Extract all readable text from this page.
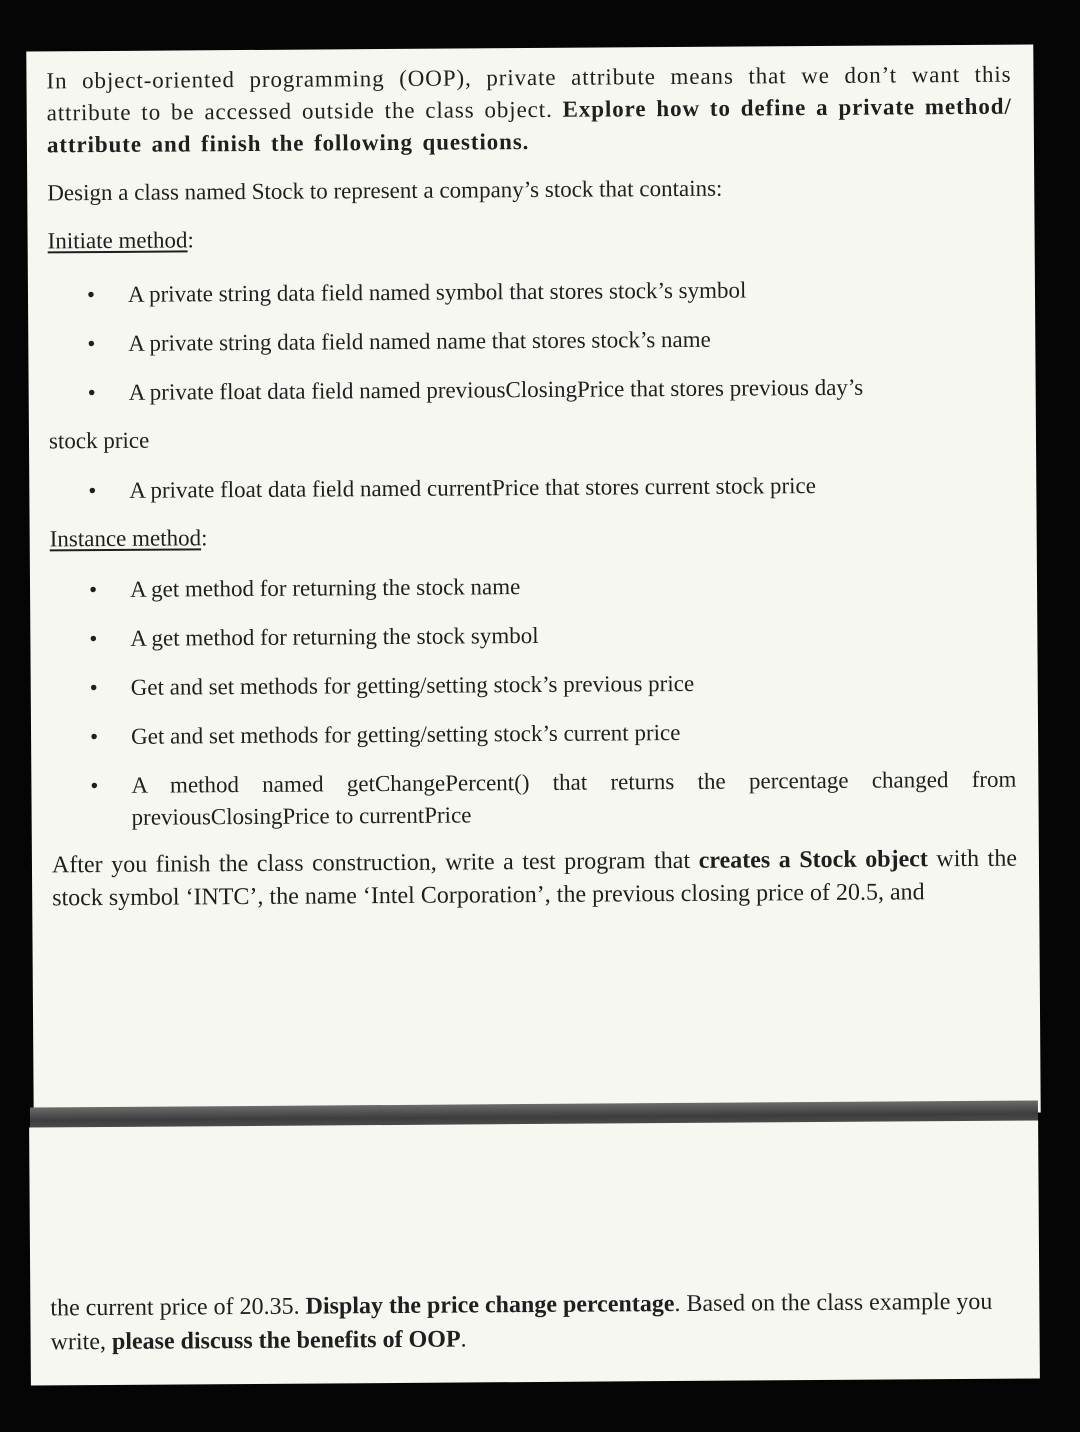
In object-oriented programming (OOP), private attribute means that we don’t want this attribute to be accessed outside the class object. Explore how to define a private method/ attribute and finish the following questions.

Design a class named Stock to represent a company’s stock that contains:

Initiate method:
• A private string data field named symbol that stores stock’s symbol
• A private string data field named name that stores stock’s name
• A private float data field named previousClosingPrice that stores previous day’s
stock price
• A private float data field named currentPrice that stores current stock price
Instance method:
• A get method for returning the stock name
• A get method for returning the stock symbol
• Get and set methods for getting/setting stock’s previous price
• Get and set methods for getting/setting stock’s current price
• A method named getChangePercent() that returns the percentage changed from previousClosingPrice to currentPrice

After you finish the class construction, write a test program that creates a Stock object with the stock symbol ‘INTC’, the name ‘Intel Corporation’, the previous closing price of 20.5, and

the current price of 20.35. Display the price change percentage. Based on the class example you write, please discuss the benefits of OOP.
